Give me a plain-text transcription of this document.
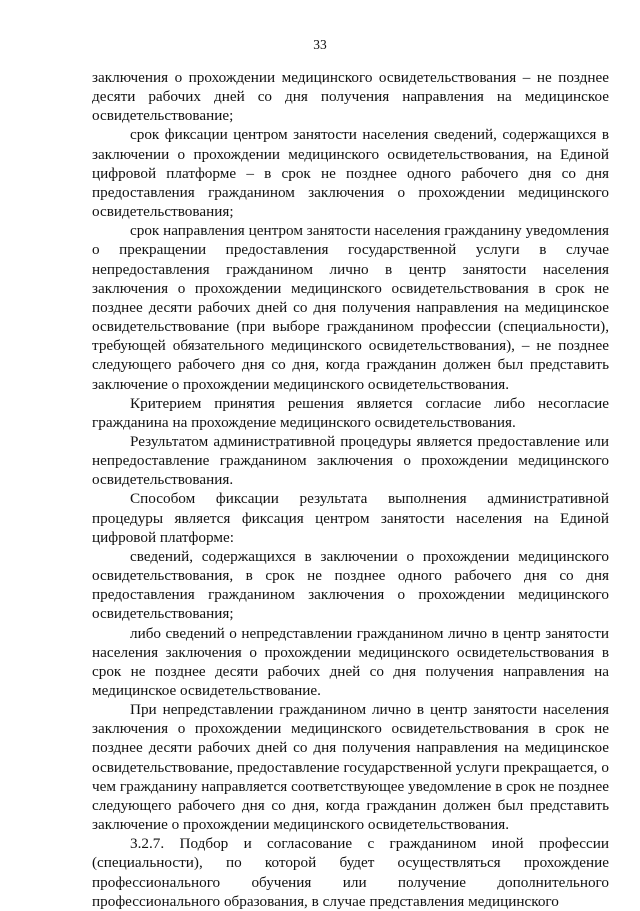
33

заключения о прохождении медицинского освидетельствования – не позднее десяти рабочих дней со дня получения направления на медицинское освидетельствование;

срок фиксации центром занятости населения сведений, содержащихся в заключении о прохождении медицинского освидетельствования, на Единой цифровой платформе – в срок не позднее одного рабочего дня со дня предоставления гражданином заключения о прохождении медицинского освидетельствования;

срок направления центром занятости населения гражданину уведомления о прекращении предоставления государственной услуги в случае непредоставления гражданином лично в центр занятости населения заключения о прохождении медицинского освидетельствования в срок не позднее десяти рабочих дней со дня получения направления на медицинское освидетельствование (при выборе гражданином профессии (специальности), требующей обязательного медицинского освидетельствования), – не позднее следующего рабочего дня со дня, когда гражданин должен был представить заключение о прохождении медицинского освидетельствования.

Критерием принятия решения является согласие либо несогласие гражданина на прохождение медицинского освидетельствования.

Результатом административной процедуры является предоставление или непредоставление гражданином заключения о прохождении медицинского освидетельствования.

Способом фиксации результата выполнения административной процедуры является фиксация центром занятости населения на Единой цифровой платформе:

сведений, содержащихся в заключении о прохождении медицинского освидетельствования, в срок не позднее одного рабочего дня со дня предоставления гражданином заключения о прохождении медицинского освидетельствования;

либо сведений о непредставлении гражданином лично в центр занятости населения заключения о прохождении медицинского освидетельствования в срок не позднее десяти рабочих дней со дня получения направления на медицинское освидетельствование.

При непредставлении гражданином лично в центр занятости населения заключения о прохождении медицинского освидетельствования в срок не позднее десяти рабочих дней со дня получения направления на медицинское освидетельствование, предоставление государственной услуги прекращается, о чем гражданину направляется соответствующее уведомление в срок не позднее следующего рабочего дня со дня, когда гражданин должен был представить заключение о прохождении медицинского освидетельствования.

3.2.7. Подбор и согласование с гражданином иной профессии (специальности), по которой будет осуществляться прохождение профессионального обучения или получение дополнительного профессионального образования, в случае представления медицинского
